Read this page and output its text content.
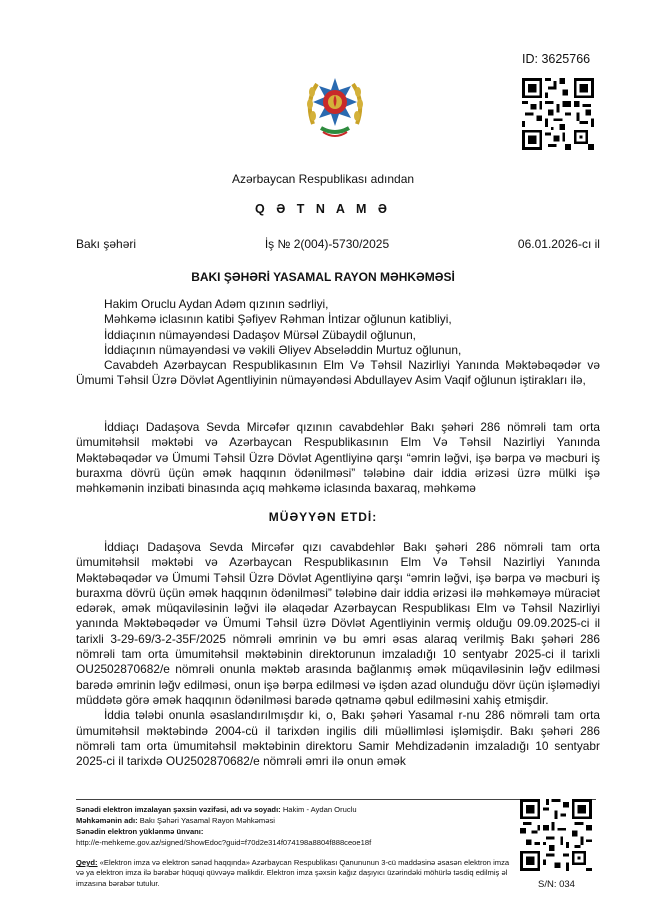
ID: 3625766
Azərbaycan Respublikası adından
Q Ə T N A M Ə
Bakı şəhəri	İş № 2(004)-5730/2025	06.01.2026-cı il
BAKI ŞƏHƏRİ YASAMAL RAYON MƏHKƏMƏSİ

Hakim Oruclu Aydan Adəm qızının sədrliyi,

Məhkəmə iclasının katibi Şəfiyev Rəhman İntizar oğlunun katibliyi,

İddiaçının nümayəndəsi Dadaşov Mürsəl Zübaydil oğlunun,

İddiaçının nümayəndəsi və vəkili Əliyev Abseləddin Murtuz oğlunun,

Cavabdeh Azərbaycan Respublikasının Elm Və Təhsil Nazirliyi Yanında Məktəbəqədər və Ümumi Təhsil Üzrə Dövlət Agentliyinin nümayəndəsi Abdullayev Asim Vaqif oğlunun iştirakları ilə,

İddiaçı Dadaşova Sevda Mircəfər qızının cavabdehlər Bakı şəhəri 286 nömrəli tam orta ümumitəhsil məktəbi və Azərbaycan Respublikasının Elm Və Təhsil Nazirliyi Yanında Məktəbəqədər və Ümumi Təhsil Üzrə Dövlət Agentliyinə qarşı “əmrin ləğvi, işə bərpa və məcburi iş buraxma dövrü üçün əmək haqqının ödənilməsi” tələbinə dair iddia ərizəsi üzrə mülki işə məhkəmənin inzibati binasında açıq məhkəmə iclasında baxaraq, məhkəmə

MÜƏYYƏN ETDİ:

İddiaçı Dadaşova Sevda Mircəfər qızı cavabdehlər Bakı şəhəri 286 nömrəli tam orta ümumitəhsil məktəbi və Azərbaycan Respublikasının Elm Və Təhsil Nazirliyi Yanında Məktəbəqədər və Ümumi Təhsil Üzrə Dövlət Agentliyinə qarşı “əmrin ləğvi, işə bərpa və məcburi iş buraxma dövrü üçün əmək haqqının ödənilməsi” tələbinə dair iddia ərizəsi ilə məhkəməyə müraciət edərək, əmək müqaviləsinin ləğvi ilə əlaqədar Azərbaycan Respublikası Elm və Təhsil Nazirliyi yanında Məktəbəqədər və Ümumi Təhsil üzrə Dövlət Agentliyinin vermiş olduğu 09.09.2025-ci il tarixli 3-29-69/3-2-35F/2025 nömrəli əmrinin və bu əmri əsas alaraq verilmiş Bakı şəhəri 286 nömrəli tam orta ümumitəhsil məktəbinin direktorunun imzaladığı 10 sentyabr 2025-ci il tarixli OU2502870682/e nömrəli onunla məktəb arasında bağlanmış əmək müqaviləsinin ləğv edilməsi barədə əmrinin ləğv edilməsi, onun işə bərpa edilməsi və işdən azad olunduğu dövr üçün işləmədiyi müddətə görə əmək haqqının ödənilməsi barədə qətnamə qəbul edilməsini xahiş etmişdir.

İddia tələbi onunla əsaslandırılmışdır ki, o, Bakı şəhəri Yasamal r-nu 286 nömrəli tam orta ümumitəhsil məktəbində 2004-cü il tarixdən ingilis dili müəllimləsi işləmişdir. Bakı şəhəri 286 nömrəli tam orta ümumitəhsil məktəbinin direktoru Samir Mehdizadənin imzaladığı 10 sentyabr 2025-ci il tarixdə OU2502870682/e nömrəli əmri ilə onun əmək

Sənədi elektron imzalayan şəxsin vəzifəsi, adı və soyadı: Hakim - Aydan Oruclu
Məhkəmənin adı: Bakı Şəhəri Yasamal Rayon Məhkəməsi
Sənədin elektron yüklənmə ünvanı:
http://e-mehkeme.gov.az/signed/ShowEdoc?guid=f70d2e314f074198a8804f888ceoe18f
Qeyd: «Elektron imza və elektron sənəd haqqında» Azərbaycan Respublikası Qanununun 3-cü maddəsinə əsasən elektron imza və ya elektron imza ilə bərabər hüquqi qüvvəyə malikdir. Elektron imza şəxsin kağız daşıyıcı üzərindəki möhürlə təsdiq edilmiş əl imzasına bərabər tutulur.	S/N: 034
